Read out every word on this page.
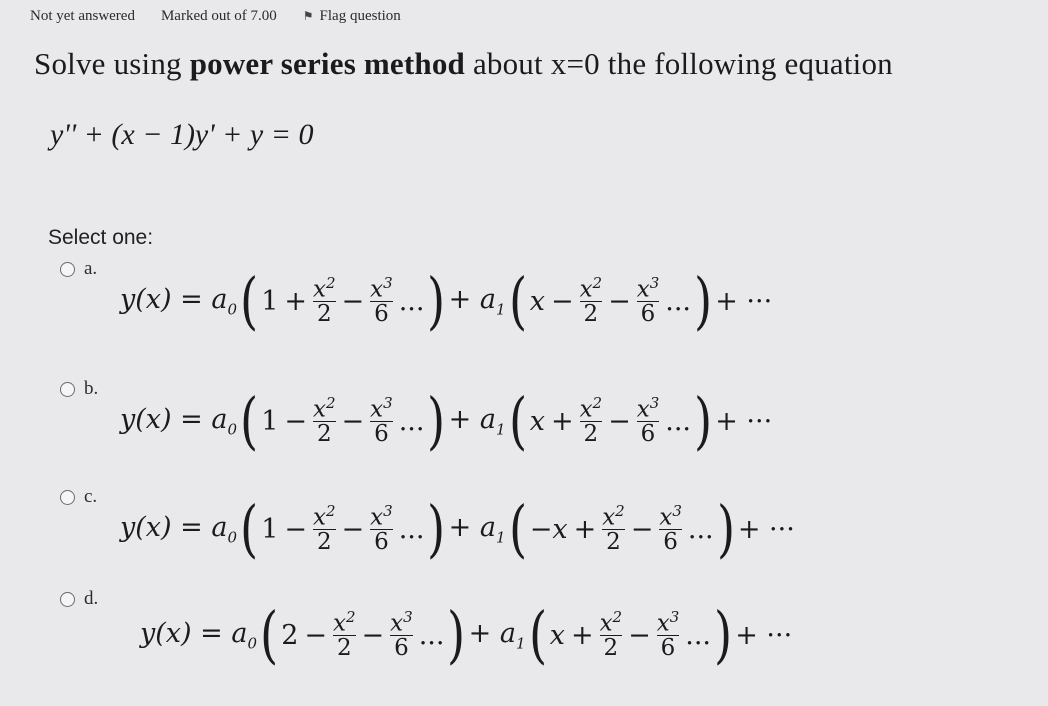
Not yet answered Marked out of 7.00 ⚑ Flag question
Solve using power series method about x=0 the following equation
y'' + (x − 1)y' + y = 0
Select one:
a.
$y(x) = a_0$ ( $1 + \frac{x^2}{2} - \frac{x^3}{6}$ ... ) + $a_1$ ( $x - \frac{x^2}{2} - \frac{x^3}{6}$ ... ) + ···
b.
$y(x) = a_0$ ( $1 - \frac{x^2}{2} - \frac{x^3}{6}$ ... ) + $a_1$ ( $x + \frac{x^2}{2} - \frac{x^3}{6}$ ... ) + ···
c.
$y(x) = a_0$ ( $1 - \frac{x^2}{2} - \frac{x^3}{6}$ ... ) + $a_1$ ( $-x + \frac{x^2}{2} - \frac{x^3}{6}$ ... ) + ···
d.
$y(x) = a_0$ ( $2 - \frac{x^2}{2} - \frac{x^3}{6}$ ... ) + $a_1$ ( $x + \frac{x^2}{2} - \frac{x^3}{6}$ ... ) + ···
